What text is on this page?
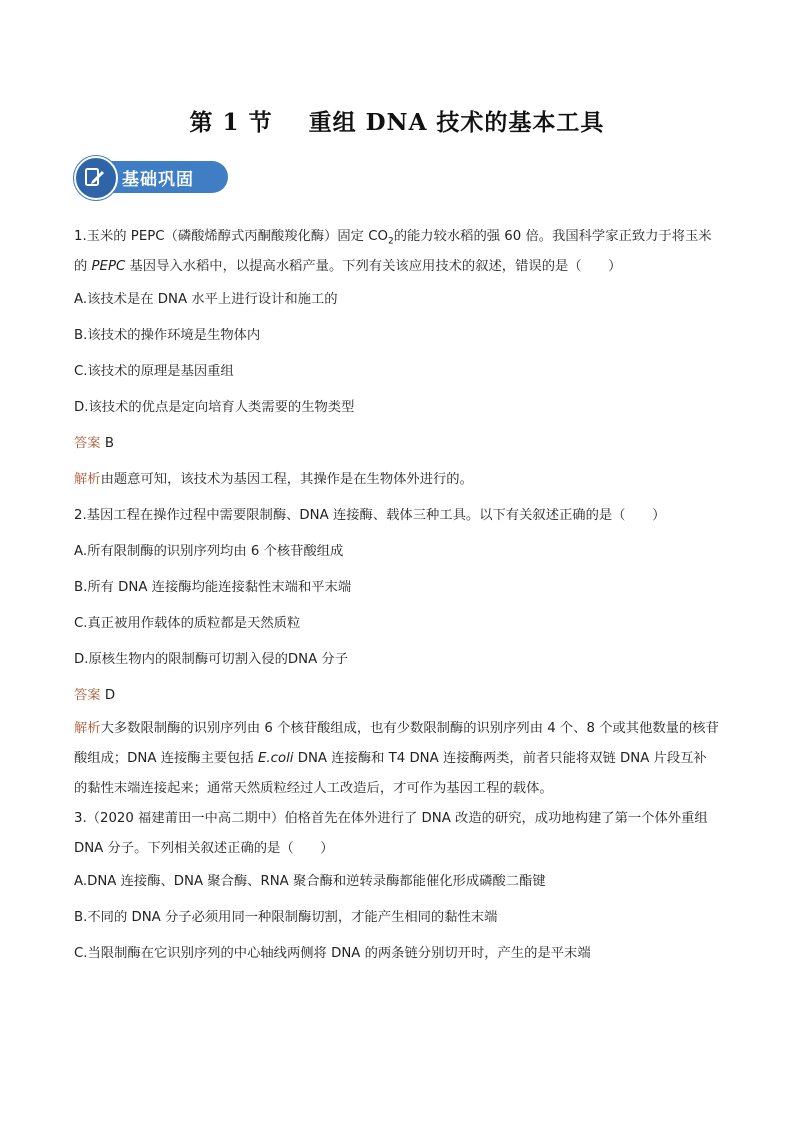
第 1 节    重组 DNA 技术的基本工具
基础巩固

1.玉米的 PEPC（磷酸烯醇式丙酮酸羧化酶）固定 $CO_2$的能力较水稻的强 60 倍。我国科学家正致力于将玉米的 PEPC 基因导入水稻中，以提高水稻产量。下列有关该应用技术的叙述，错误的是（　　）

A.该技术是在 DNA 水平上进行设计和施工的

B.该技术的操作环境是生物体内

C.该技术的原理是基因重组

D.该技术的优点是定向培育人类需要的生物类型

答案 B

解析由题意可知，该技术为基因工程，其操作是在生物体外进行的。

2.基因工程在操作过程中需要限制酶、DNA 连接酶、载体三种工具。以下有关叙述正确的是（　　）

A.所有限制酶的识别序列均由 6 个核苷酸组成

B.所有 DNA 连接酶均能连接黏性末端和平末端

C.真正被用作载体的质粒都是天然质粒

D.原核生物内的限制酶可切割入侵的DNA 分子

答案 D

解析大多数限制酶的识别序列由 6 个核苷酸组成，也有少数限制酶的识别序列由 4 个、8 个或其他数量的核苷酸组成；DNA 连接酶主要包括 E.coli DNA 连接酶和 T4 DNA 连接酶两类，前者只能将双链 DNA 片段互补的黏性末端连接起来；通常天然质粒经过人工改造后，才可作为基因工程的载体。

3.（2020 福建莆田一中高二期中）伯格首先在体外进行了 DNA 改造的研究，成功地构建了第一个体外重组 DNA 分子。下列相关叙述正确的是（　　）

A.DNA 连接酶、DNA 聚合酶、RNA 聚合酶和逆转录酶都能催化形成磷酸二酯键

B.不同的 DNA 分子必须用同一种限制酶切割，才能产生相同的黏性末端

C.当限制酶在它识别序列的中心轴线两侧将 DNA 的两条链分别切开时，产生的是平末端
